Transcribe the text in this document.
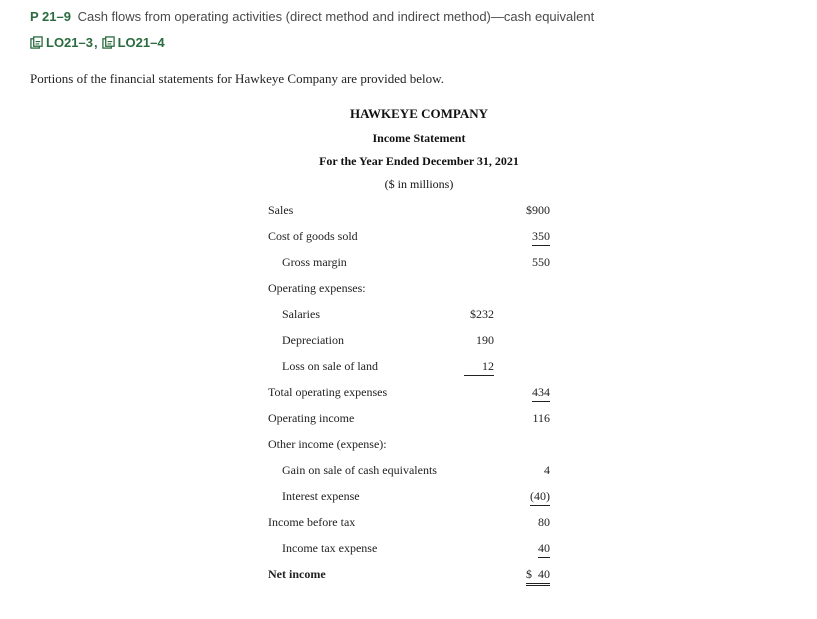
P 21–9 Cash flows from operating activities (direct method and indirect method)—cash equivalent
LO21–3 , LO21–4
Portions of the financial statements for Hawkeye Company are provided below.
HAWKEYE COMPANY
Income Statement
For the Year Ended December 31, 2021
($ in millions)
Sales	$900
Cost of goods sold	350
Gross margin	550
Operating expenses:
Salaries	$232
Depreciation	190
Loss on sale of land	12
Total operating expenses	434
Operating income	116
Other income (expense):
Gain on sale of cash equivalents	4
Interest expense	(40)
Income before tax	80
Income tax expense	40
Net income	$  40
